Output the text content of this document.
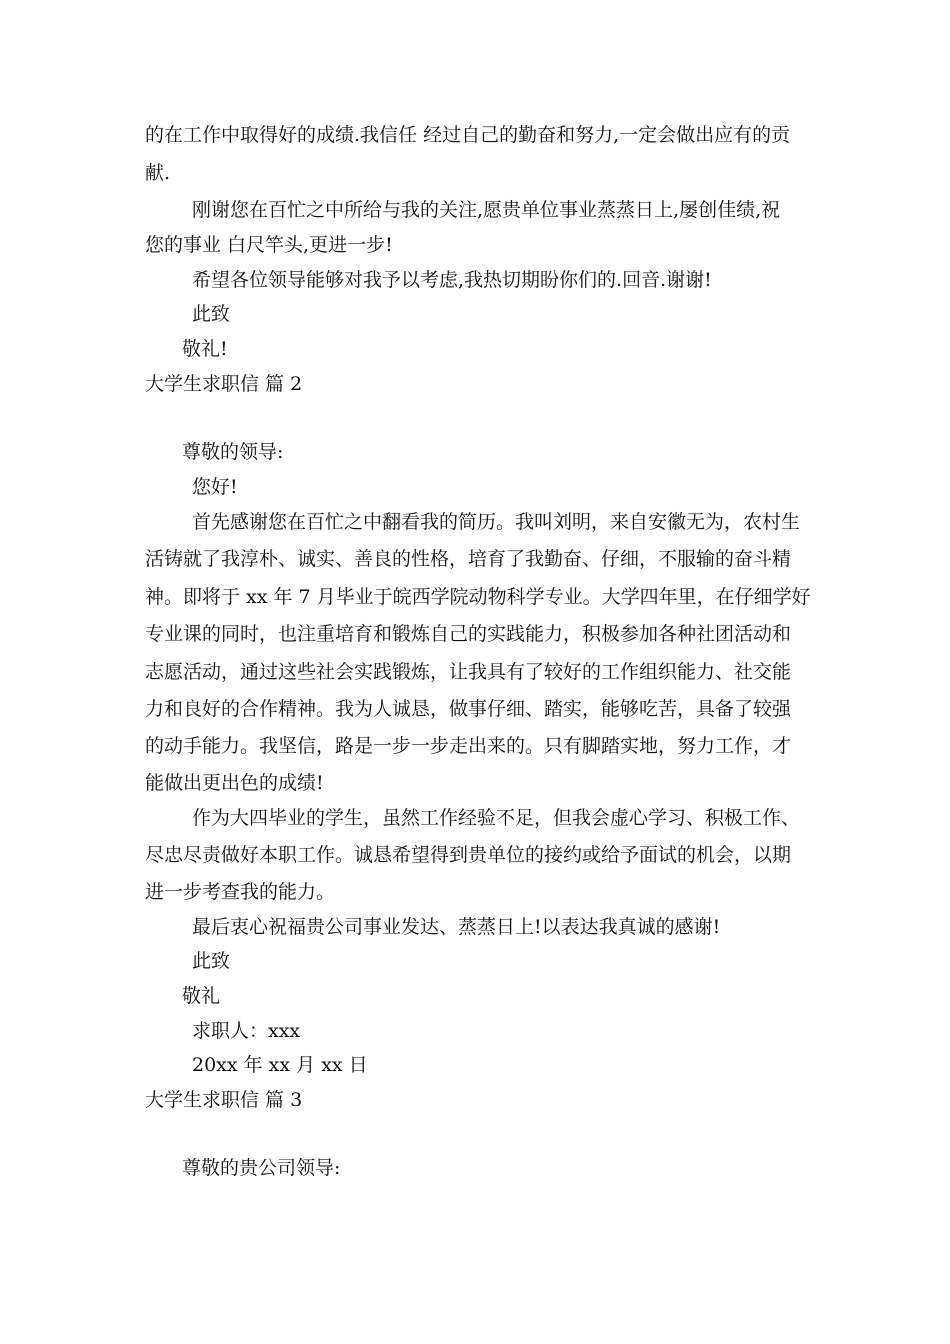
的在工作中取得好的成绩.我信任 经过自己的勤奋和努力,一定会做出应有的贡
献.
刚谢您在百忙之中所给与我的关注,愿贵单位事业蒸蒸日上,屡创佳绩,祝
您的事业 白尺竿头,更进一步!
希望各位领导能够对我予以考虑,我热切期盼你们的.回音.谢谢!
此致
敬礼!
大学生求职信 篇 2
尊敬的领导:
您好!
首先感谢您在百忙之中翻看我的简历。我叫刘明，来自安徽无为，农村生
活铸就了我淳朴、诚实、善良的性格，培育了我勤奋、仔细，不服输的奋斗精
神。即将于 xx 年 7 月毕业于皖西学院动物科学专业。大学四年里，在仔细学好
专业课的同时，也注重培育和锻炼自己的实践能力，积极参加各种社团活动和
志愿活动，通过这些社会实践锻炼，让我具有了较好的工作组织能力、社交能
力和良好的合作精神。我为人诚恳，做事仔细、踏实，能够吃苦，具备了较强
的动手能力。我坚信，路是一步一步走出来的。只有脚踏实地，努力工作，才
能做出更出色的成绩!
作为大四毕业的学生，虽然工作经验不足，但我会虚心学习、积极工作、
尽忠尽责做好本职工作。诚恳希望得到贵单位的接约或给予面试的机会，以期
进一步考查我的能力。
最后衷心祝福贵公司事业发达、蒸蒸日上!以表达我真诚的感谢!
此致
敬礼
求职人：xxx
20xx 年 xx 月 xx 日
大学生求职信 篇 3
尊敬的贵公司领导:
